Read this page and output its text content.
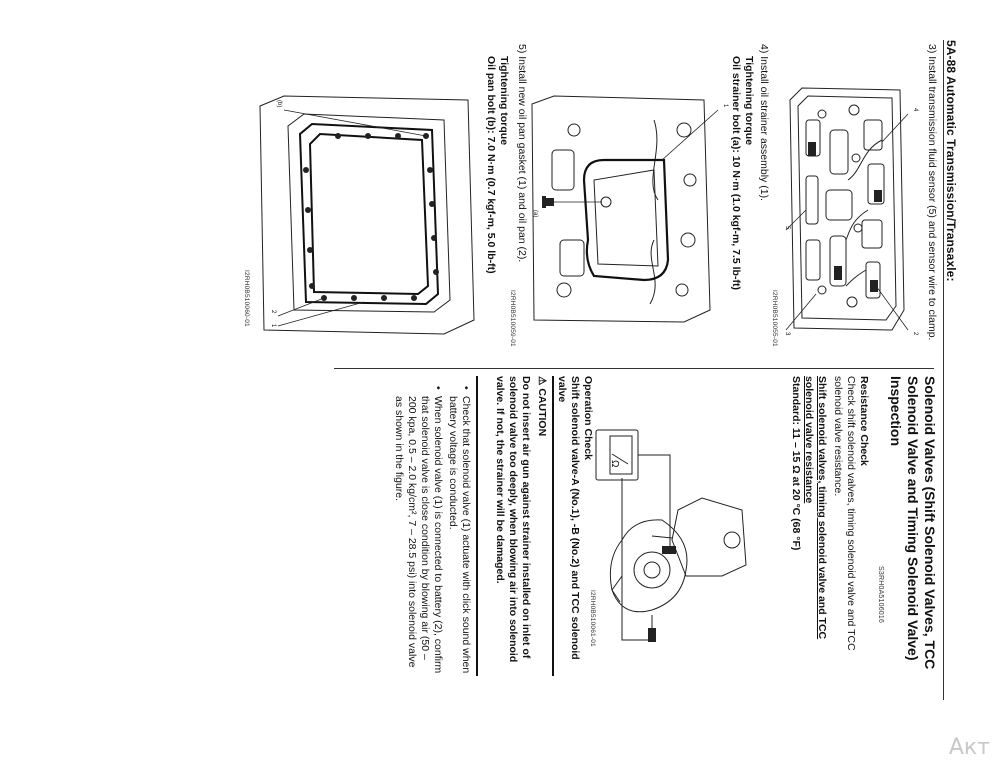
5A-88 Automatic Transmission/Transaxle:
3) Install transmission fluid sensor (5) and sensor wire to clamp.
4
5
3	2
I2RH0B510055-01
4) Install oil strainer assembly (1).
Tightening torque
Oil strainer bolt (a): 10 N·m (1.0 kgf-m, 7.5 lb-ft)
1
(a)
I2RH0B510059-01
5) Install new oil pan gasket (1) and oil pan (2).
Tightening torque
Oil pan bolt (b): 7.0 N·m (0.7 kgf-m, 5.0 lb-ft)
(b)
2
1
I2RH0B510060-01
Solenoid Valves (Shift Solenoid Valves, TCC Solenoid Valve and Timing Solenoid Valve) Inspection
S3RH0A5106016
Resistance Check
Check shift solenoid valves, timing solenoid valve and TCC solenoid valve resistance.
Shift solenoid valves, timing solenoid valve and TCC solenoid valve resistance
Standard: 11 – 15 Ω at 20 °C (68 °F)
Ω
I2RH0B510061-01
Operation Check
Shift solenoid valve-A (No.1), -B (No.2) and TCC solenoid valve
⚠ CAUTION
Do not insert air gun against strainer installed on inlet of solenoid valve too deeply, when blowing air into solenoid valve. If not, the strainer will be damaged.
• Check that solenoid valve (1) actuate with click sound when battery voltage is conducted.
• When solenoid valve (1) is connected to battery (2), confirm that solenoid valve is close condition by blowing air (50 – 200 kpa, 0.5 – 2.0 kg/cm², 7 – 28.5 psi) into solenoid valve as shown in the figure.
Акт
